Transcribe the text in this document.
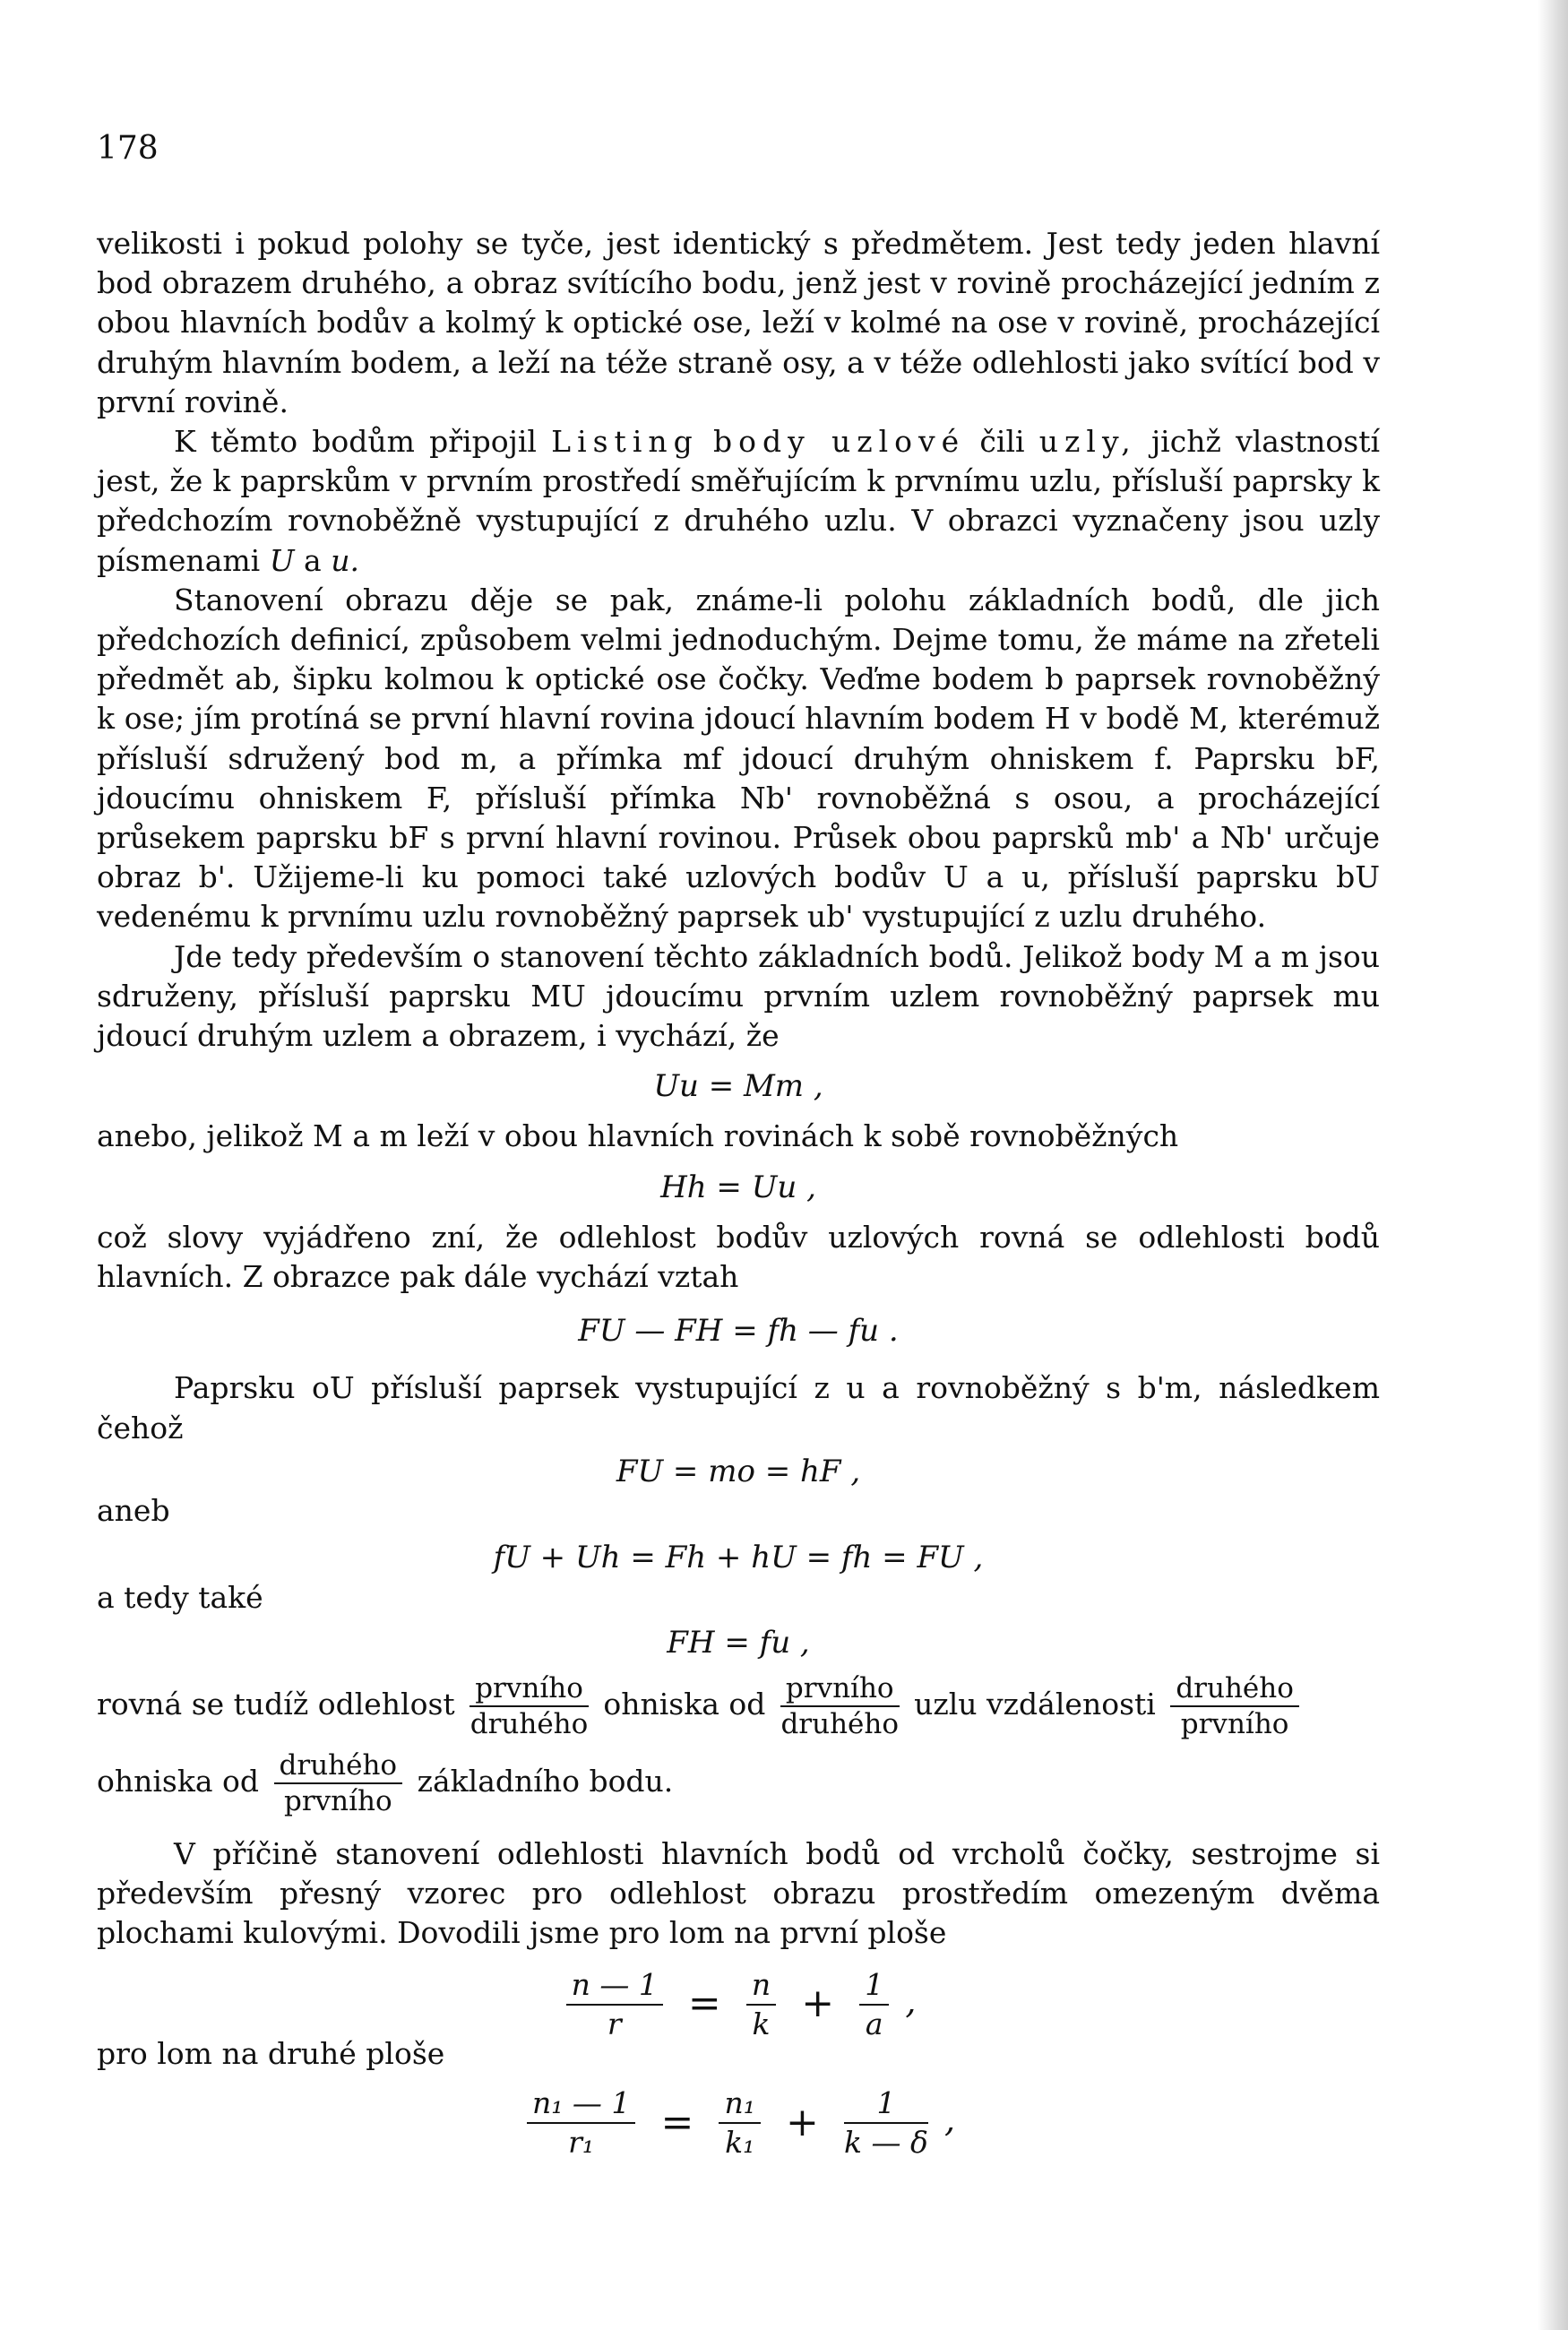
178

velikosti i pokud polohy se tyče, jest identický s předmětem. Jest tedy jeden hlavní bod obrazem druhého, a obraz svítícího bodu, jenž jest v rovině procházející jedním z obou hlavních bodův a kolmý k optické ose, leží v kolmé na ose v rovině, procházející druhým hlavním bodem, a leží na téže straně osy, a v téže odlehlosti jako svítící bod v první rovině.

K těmto bodům připojil Listing body uzlové čili uzly, jichž vlastností jest, že k paprskům v prvním prostředí směřujícím k prvnímu uzlu, přísluší paprsky k předchozím rovnoběžně vystupující z druhého uzlu. V obrazci vyznačeny jsou uzly písmenami U a u.

Stanovení obrazu děje se pak, známe-li polohu základních bodů, dle jich předchozích definicí, způsobem velmi jednoduchým. Dejme tomu, že máme na zřeteli předmět ab, šipku kolmou k optické ose čočky. Veďme bodem b paprsek rovnoběžný k ose; jím protíná se první hlavní rovina jdoucí hlavním bodem H v bodě M, kterémuž přísluší sdružený bod m, a přímka mf jdoucí druhým ohniskem f. Paprsku bF, jdoucímu ohniskem F, přísluší přímka Nb' rovnoběžná s osou, a procházející průsekem paprsku bF s první hlavní rovinou. Průsek obou paprsků mb' a Nb' určuje obraz b'. Užijeme-li ku pomoci také uzlových bodův U a u, přísluší paprsku bU vedenému k prvnímu uzlu rovnoběžný paprsek ub' vystupující z uzlu druhého.

Jde tedy především o stanovení těchto základních bodů. Jelikož body M a m jsou sdruženy, přísluší paprsku MU jdoucímu prvním uzlem rovnoběžný paprsek mu jdoucí druhým uzlem a obrazem, i vychází, že

Uu = Mm ,

anebo, jelikož M a m leží v obou hlavních rovinách k sobě rovnoběžných

Hh = Uu ,

což slovy vyjádřeno zní, že odlehlost bodův uzlových rovná se odlehlosti bodů hlavních. Z obrazce pak dále vychází vztah

FU — FH = fh — fu .

Paprsku oU přísluší paprsek vystupující z u a rovnoběžný s b'm, následkem čehož

FU = mo = hF ,

aneb

fU + Uh = Fh + hU = fh = FU ,

a tedy také

FH = fu ,

rovná se tudíž odlehlost $\frac{\text{prvního}}{\text{druhého}}$ ohniska od $\frac{\text{prvního}}{\text{druhého}}$ uzlu vzdálenosti $\frac{\text{druhého}}{\text{prvního}}$

ohniska od $\frac{\text{druhého}}{\text{prvního}}$ základního bodu.

V příčině stanovení odlehlosti hlavních bodů od vrcholů čočky, sestrojme si především přesný vzorec pro odlehlost obrazu prostředím omezeným dvěma plochami kulovými. Dovodili jsme pro lom na první ploše

$\frac{n — 1}{r} = \frac{n}{k} + \frac{1}{a}$ ,

pro lom na druhé ploše

$\frac{\text{n₁ — 1}}{\text{r₁}} = \frac{\text{n₁}}{\text{k₁}} + \frac{1}{k — \delta}$ ,
